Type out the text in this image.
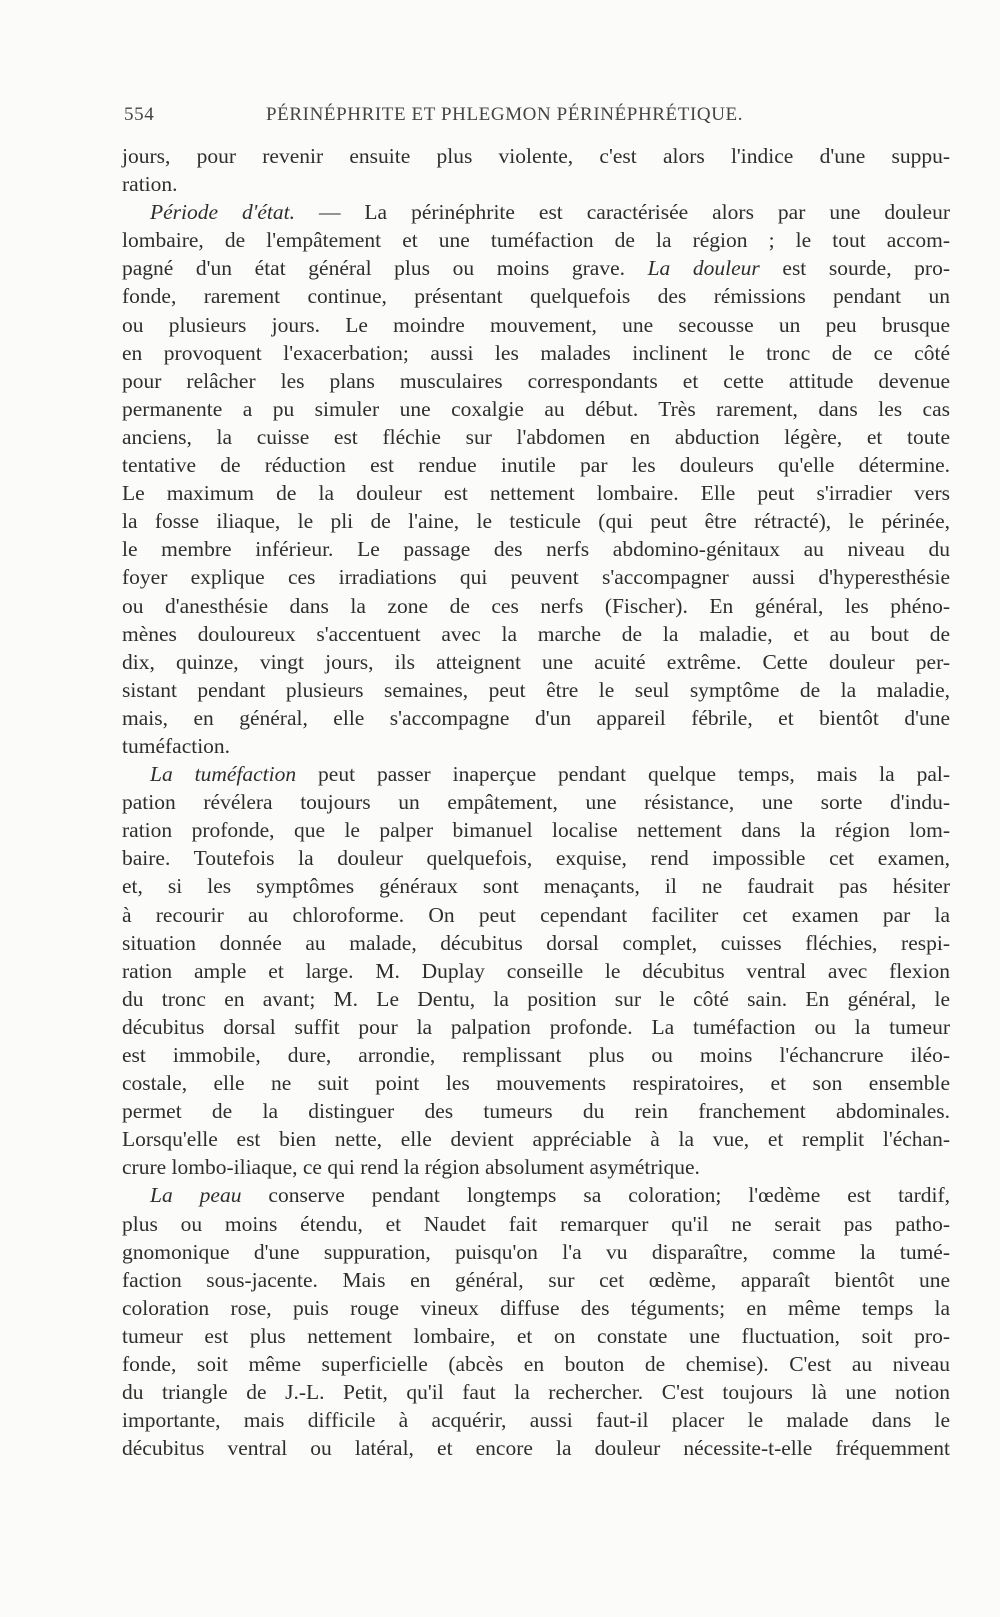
554	PÉRINÉPHRITE ET PHLEGMON PÉRINÉPHRÉTIQUE.
jours, pour revenir ensuite plus violente, c'est alors l'indice d'une suppu-
ration.
Période d'état. — La périnéphrite est caractérisée alors par une douleur
lombaire, de l'empâtement et une tuméfaction de la région ; le tout accom-
pagné d'un état général plus ou moins grave. La douleur est sourde, pro-
fonde, rarement continue, présentant quelquefois des rémissions pendant un
ou plusieurs jours. Le moindre mouvement, une secousse un peu brusque
en provoquent l'exacerbation; aussi les malades inclinent le tronc de ce côté
pour relâcher les plans musculaires correspondants et cette attitude devenue
permanente a pu simuler une coxalgie au début. Très rarement, dans les cas
anciens, la cuisse est fléchie sur l'abdomen en abduction légère, et toute
tentative de réduction est rendue inutile par les douleurs qu'elle détermine.
Le maximum de la douleur est nettement lombaire. Elle peut s'irradier vers
la fosse iliaque, le pli de l'aine, le testicule (qui peut être rétracté), le périnée,
le membre inférieur. Le passage des nerfs abdomino-génitaux au niveau du
foyer explique ces irradiations qui peuvent s'accompagner aussi d'hyperesthésie
ou d'anesthésie dans la zone de ces nerfs (Fischer). En général, les phéno-
mènes douloureux s'accentuent avec la marche de la maladie, et au bout de
dix, quinze, vingt jours, ils atteignent une acuité extrême. Cette douleur per-
sistant pendant plusieurs semaines, peut être le seul symptôme de la maladie,
mais, en général, elle s'accompagne d'un appareil fébrile, et bientôt d'une
tuméfaction.
La tuméfaction peut passer inaperçue pendant quelque temps, mais la pal-
pation révélera toujours un empâtement, une résistance, une sorte d'indu-
ration profonde, que le palper bimanuel localise nettement dans la région lom-
baire. Toutefois la douleur quelquefois, exquise, rend impossible cet examen,
et, si les symptômes généraux sont menaçants, il ne faudrait pas hésiter
à recourir au chloroforme. On peut cependant faciliter cet examen par la
situation donnée au malade, décubitus dorsal complet, cuisses fléchies, respi-
ration ample et large. M. Duplay conseille le décubitus ventral avec flexion
du tronc en avant; M. Le Dentu, la position sur le côté sain. En général, le
décubitus dorsal suffit pour la palpation profonde. La tuméfaction ou la tumeur
est immobile, dure, arrondie, remplissant plus ou moins l'échancrure iléo-
costale, elle ne suit point les mouvements respiratoires, et son ensemble
permet de la distinguer des tumeurs du rein franchement abdominales.
Lorsqu'elle est bien nette, elle devient appréciable à la vue, et remplit l'échan-
crure lombo-iliaque, ce qui rend la région absolument asymétrique.
La peau conserve pendant longtemps sa coloration; l'œdème est tardif,
plus ou moins étendu, et Naudet fait remarquer qu'il ne serait pas patho-
gnomonique d'une suppuration, puisqu'on l'a vu disparaître, comme la tumé-
faction sous-jacente. Mais en général, sur cet œdème, apparaît bientôt une
coloration rose, puis rouge vineux diffuse des téguments; en même temps la
tumeur est plus nettement lombaire, et on constate une fluctuation, soit pro-
fonde, soit même superficielle (abcès en bouton de chemise). C'est au niveau
du triangle de J.-L. Petit, qu'il faut la rechercher. C'est toujours là une notion
importante, mais difficile à acquérir, aussi faut-il placer le malade dans le
décubitus ventral ou latéral, et encore la douleur nécessite-t-elle fréquemment
